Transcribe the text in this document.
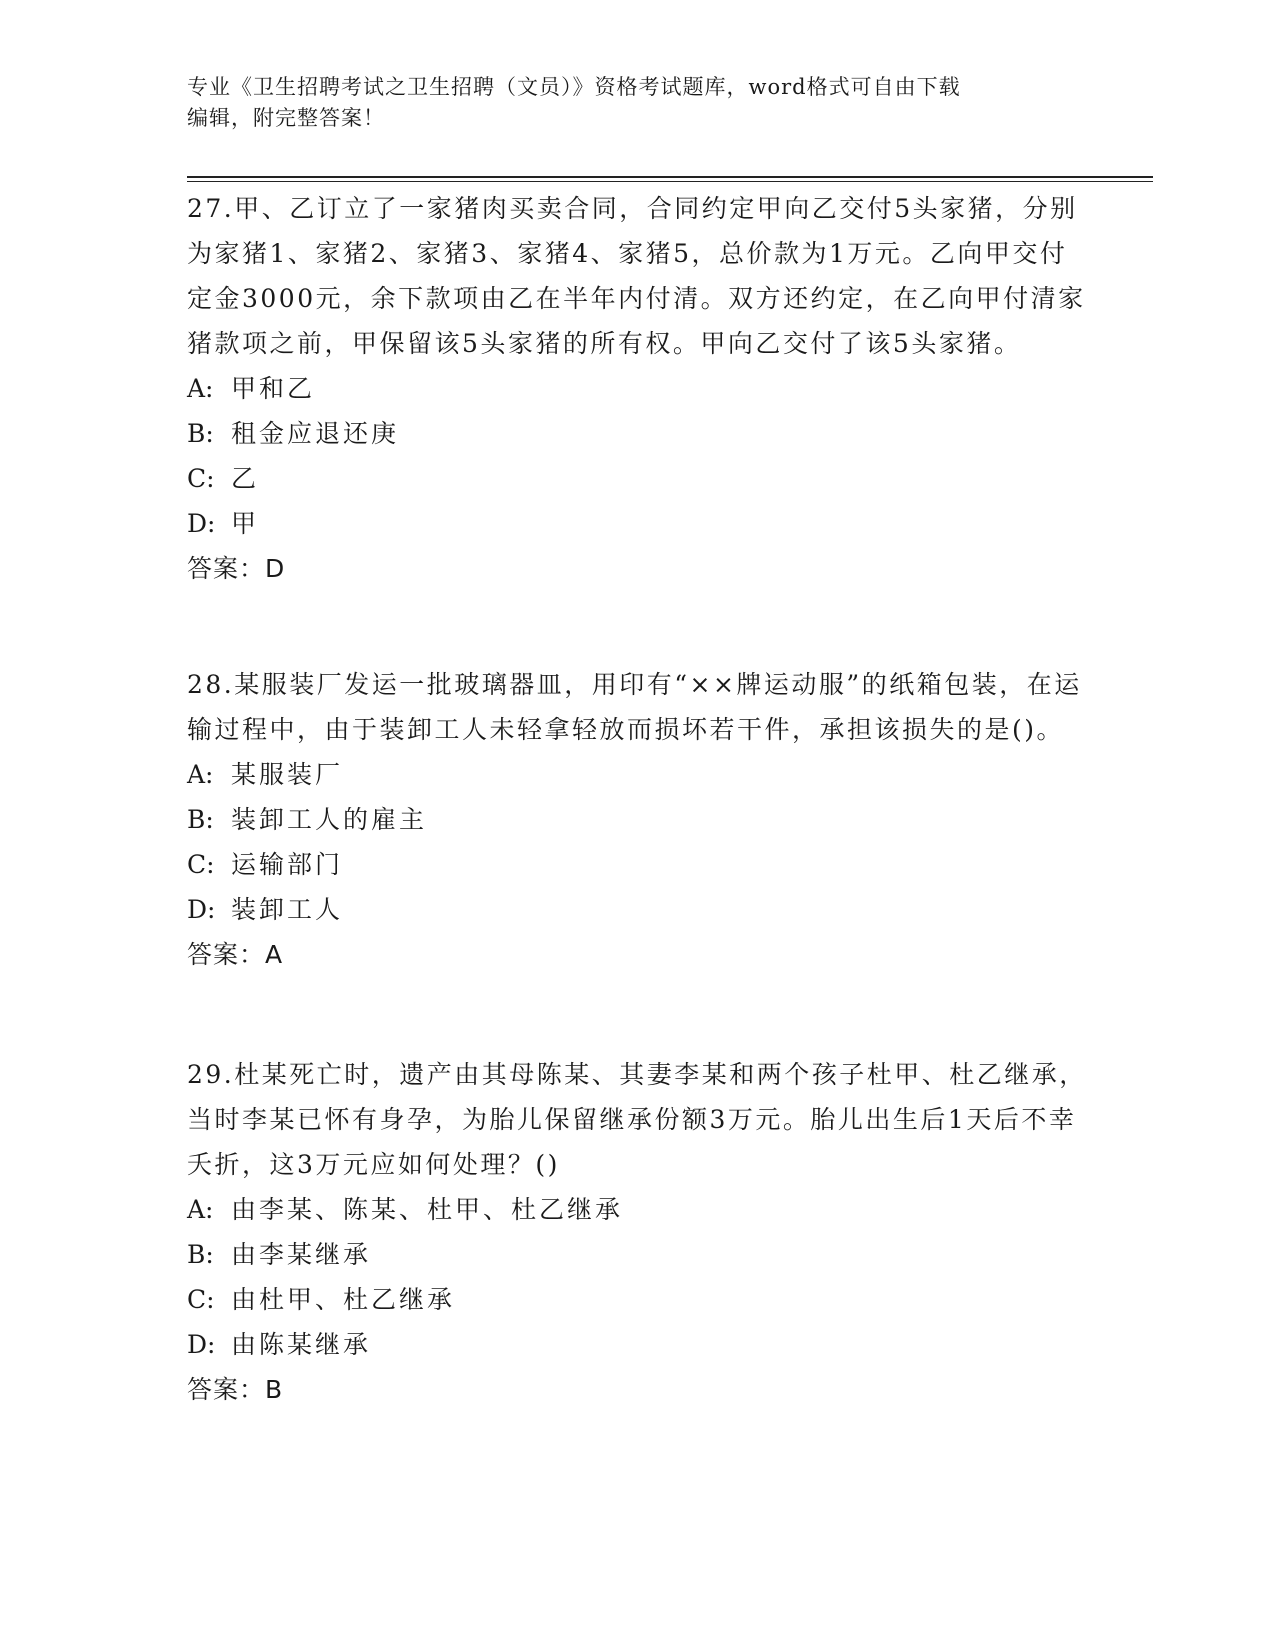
专业《卫生招聘考试之卫生招聘（文员）》资格考试题库，word格式可自由下载
编辑，附完整答案！

27.甲、乙订立了一家猪肉买卖合同，合同约定甲向乙交付5头家猪，分别为家猪1、家猪2、家猪3、家猪4、家猪5，总价款为1万元。乙向甲交付定金3000元，余下款项由乙在半年内付清。双方还约定，在乙向甲付清家猪款项之前，甲保留该5头家猪的所有权。甲向乙交付了该5头家猪。

A: 甲和乙

B: 租金应退还庚

C: 乙

D: 甲

答案：D

28.某服装厂发运一批玻璃器皿，用印有“××牌运动服”的纸箱包装，在运输过程中，由于装卸工人未轻拿轻放而损坏若干件，承担该损失的是()。

A: 某服装厂

B: 装卸工人的雇主

C: 运输部门

D: 装卸工人

答案：A

29.杜某死亡时，遗产由其母陈某、其妻李某和两个孩子杜甲、杜乙继承，当时李某已怀有身孕，为胎儿保留继承份额3万元。胎儿出生后1天后不幸夭折，这3万元应如何处理？()

A: 由李某、陈某、杜甲、杜乙继承

B: 由李某继承

C: 由杜甲、杜乙继承

D: 由陈某继承

答案：B
